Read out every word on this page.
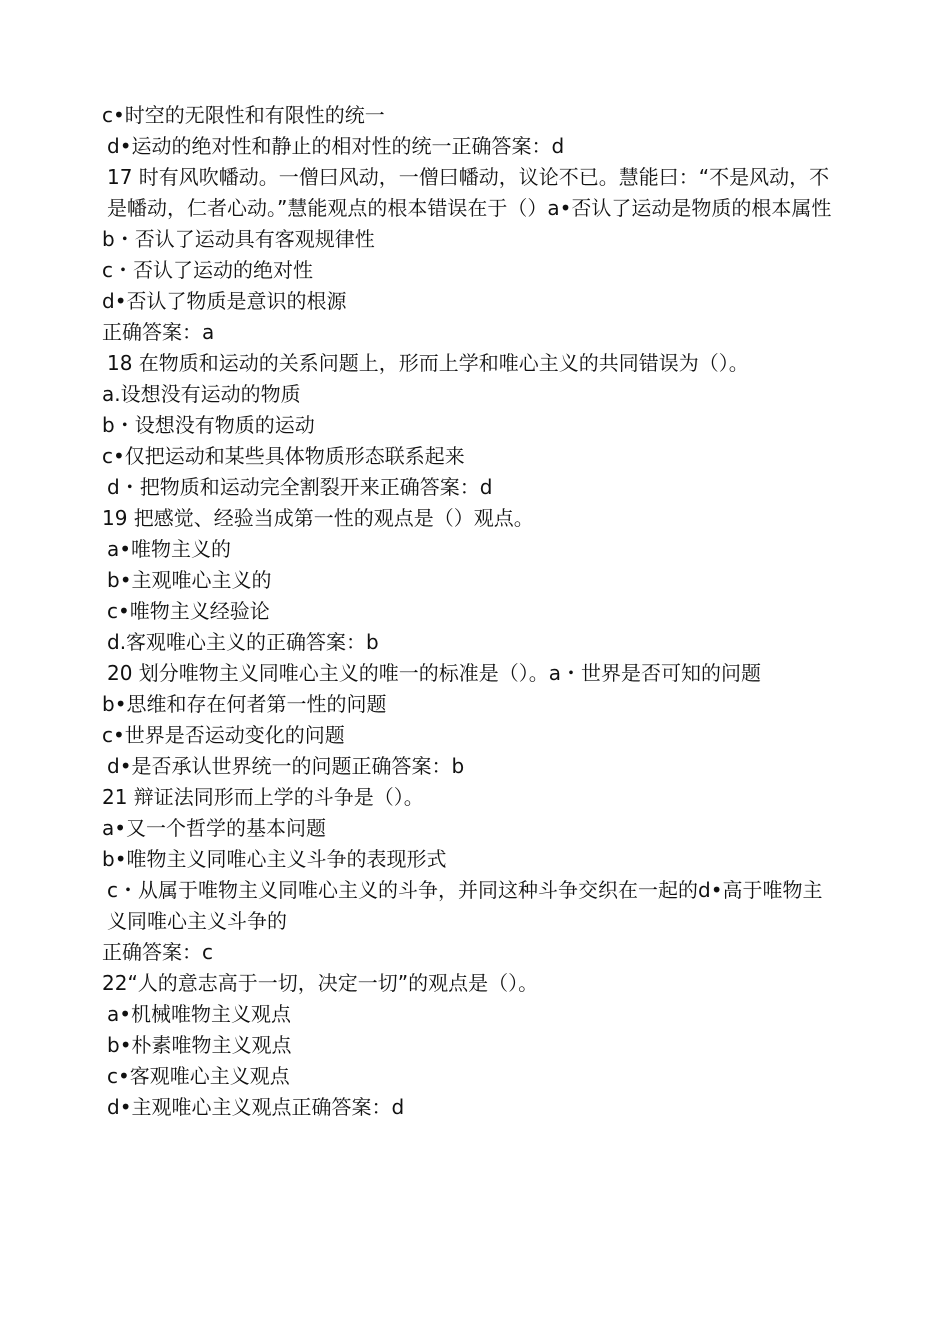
c•时空的无限性和有限性的统一
d•运动的绝对性和静止的相对性的统一正确答案：d
17 时有风吹幡动。一僧曰风动，一僧曰幡动，议论不已。慧能曰：“不是风动，不是幡动，仁者心动。”慧能观点的根本错误在于（）a•否认了运动是物质的根本属性
b・否认了运动具有客观规律性
c・否认了运动的绝对性
d•否认了物质是意识的根源
正确答案：a
18 在物质和运动的关系问题上，形而上学和唯心主义的共同错误为（）。
a.设想没有运动的物质
b・设想没有物质的运动
c•仅把运动和某些具体物质形态联系起来
d・把物质和运动完全割裂开来正确答案：d
19 把感觉、经验当成第一性的观点是（）观点。
a•唯物主义的
b•主观唯心主义的
c•唯物主义经验论
d.客观唯心主义的正确答案：b
20 划分唯物主义同唯心主义的唯一的标准是（）。a・世界是否可知的问题
b•思维和存在何者第一性的问题
c•世界是否运动变化的问题
d•是否承认世界统一的问题正确答案：b
21 辩证法同形而上学的斗争是（）。
a•又一个哲学的基本问题
b•唯物主义同唯心主义斗争的表现形式
c・从属于唯物主义同唯心主义的斗争，并同这种斗争交织在一起的d•高于唯物主义同唯心主义斗争的
正确答案：c
22“人的意志高于一切，决定一切”的观点是（）。
a•机械唯物主义观点
b•朴素唯物主义观点
c•客观唯心主义观点
d•主观唯心主义观点正确答案：d
